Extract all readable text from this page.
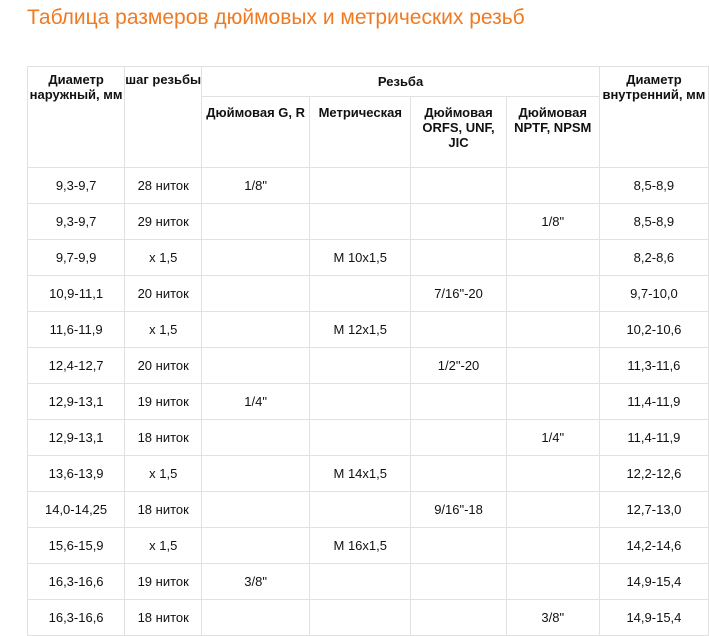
Таблица размеров дюймовых и метрических резьб
Диаметр наружный, мм	шаг резьбы	Резьба				Диаметр внутренний, мм
		Дюймовая G, R	Метрическая	Дюймовая ORFS, UNF, JIC	Дюймовая NPTF, NPSM	
9,3-9,7	28 ниток	1/8"				8,5-8,9
9,3-9,7	29 ниток				1/8"	8,5-8,9
9,7-9,9	х 1,5		М 10х1,5			8,2-8,6
10,9-11,1	20 ниток			7/16"-20		9,7-10,0
11,6-11,9	х 1,5		М 12х1,5			10,2-10,6
12,4-12,7	20 ниток			1/2"-20		11,3-11,6
12,9-13,1	19 ниток	1/4"				11,4-11,9
12,9-13,1	18 ниток				1/4"	11,4-11,9
13,6-13,9	х 1,5		М 14х1,5			12,2-12,6
14,0-14,25	18 ниток			9/16"-18		12,7-13,0
15,6-15,9	х 1,5		М 16х1,5			14,2-14,6
16,3-16,6	19 ниток	3/8"				14,9-15,4
16,3-16,6	18 ниток				3/8"	14,9-15,4
